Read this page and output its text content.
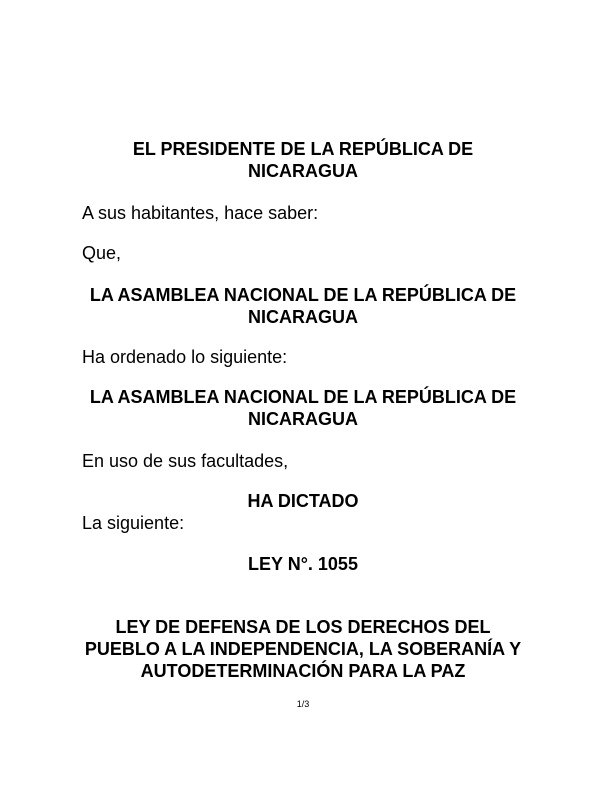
EL PRESIDENTE DE LA REPÚBLICA DE
NICARAGUA
A sus habitantes, hace saber:
Que,
LA ASAMBLEA NACIONAL DE LA REPÚBLICA DE
NICARAGUA
Ha ordenado lo siguiente:
LA ASAMBLEA NACIONAL DE LA REPÚBLICA DE
NICARAGUA
En uso de sus facultades,
HA DICTADO
La siguiente:
LEY N°. 1055
LEY DE DEFENSA DE LOS DERECHOS DEL
PUEBLO A LA INDEPENDENCIA, LA SOBERANÍA Y
AUTODETERMINACIÓN PARA LA PAZ
1/3
